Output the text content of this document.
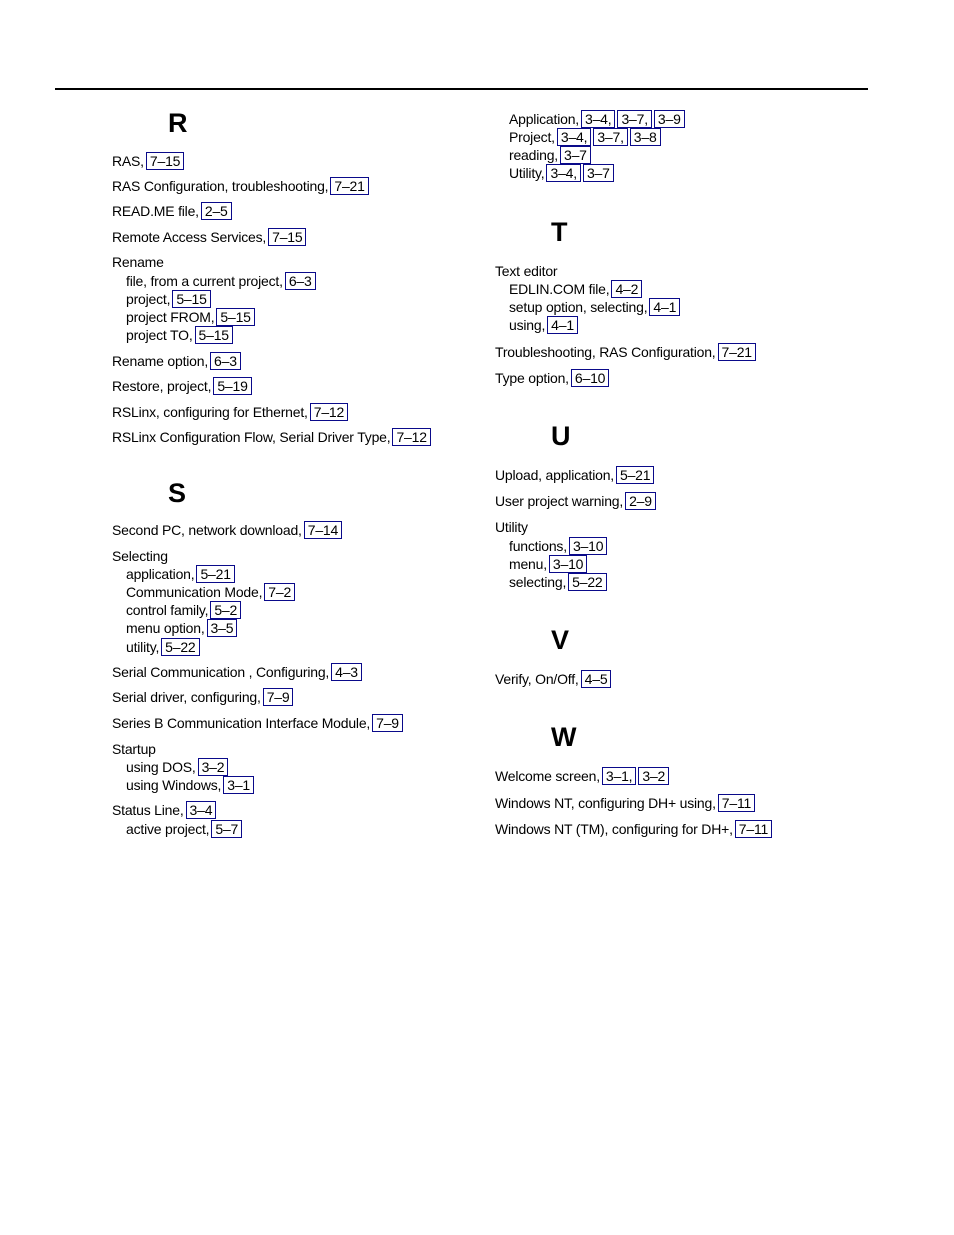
R
RAS, 7–15
RAS Configuration, troubleshooting, 7–21
READ.ME file, 2–5
Remote Access Services, 7–15
Rename
file, from a current project, 6–3
project, 5–15
project FROM, 5–15
project TO, 5–15
Rename option, 6–3
Restore, project, 5–19
RSLinx, configuring for Ethernet, 7–12
RSLinx Configuration Flow, Serial Driver Type, 7–12
S
Second PC, network download, 7–14
Selecting
application, 5–21
Communication Mode, 7–2
control family, 5–2
menu option, 3–5
utility, 5–22
Serial Communication , Configuring, 4–3
Serial driver, configuring, 7–9
Series B Communication Interface Module, 7–9
Startup
using DOS, 3–2
using Windows, 3–1
Status Line, 3–4
active project, 5–7
Application, 3–4, 3–7, 3–9
Project, 3–4, 3–7, 3–8
reading, 3–7
Utility, 3–4, 3–7
T
Text editor
EDLIN.COM file, 4–2
setup option, selecting, 4–1
using, 4–1
Troubleshooting, RAS Configuration, 7–21
Type option, 6–10
U
Upload, application, 5–21
User project warning, 2–9
Utility
functions, 3–10
menu, 3–10
selecting, 5–22
V
Verify, On/Off, 4–5
W
Welcome screen, 3–1, 3–2
Windows NT, configuring DH+ using, 7–11
Windows NT (TM), configuring for DH+, 7–11
